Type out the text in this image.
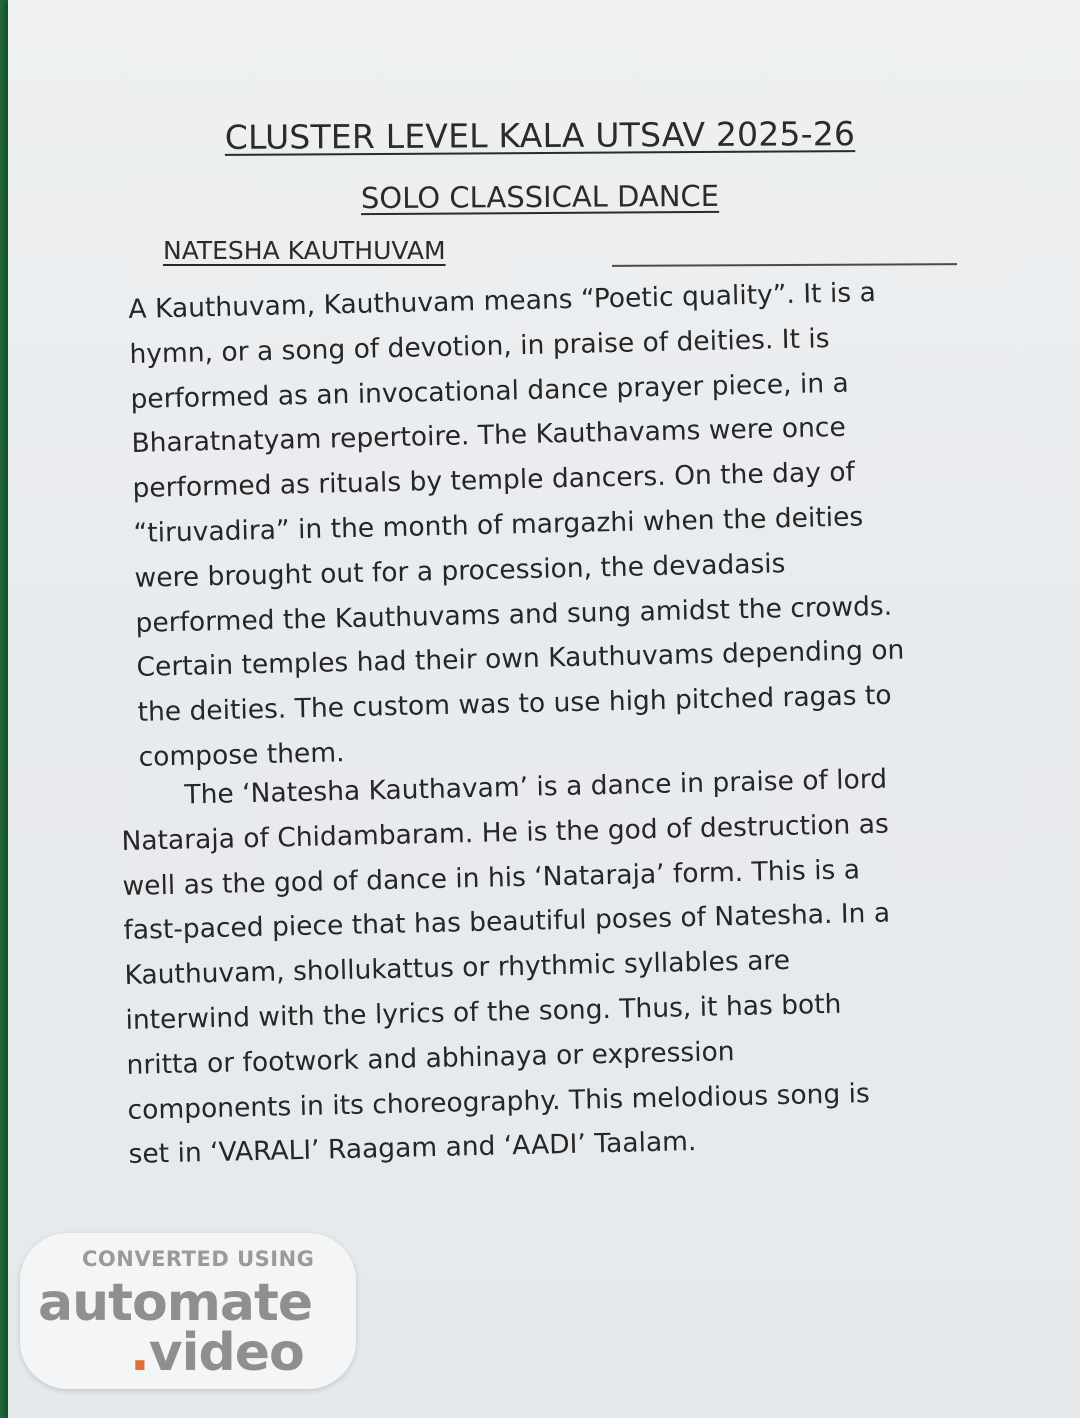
CLUSTER LEVEL KALA UTSAV 2025-26
SOLO CLASSICAL DANCE
NATESHA KAUTHUVAM
A Kauthuvam, Kauthuvam means “Poetic quality”. It is a
hymn, or a song of devotion, in praise of deities. It is
performed as an invocational dance prayer piece, in a
Bharatnatyam repertoire. The Kauthavams were once
performed as rituals by temple dancers. On the day of
“tiruvadira” in the month of margazhi when the deities
were brought out for a procession, the devadasis
performed the Kauthuvams and sung amidst the crowds.
Certain temples had their own Kauthuvams depending on
the deities. The custom was to use high pitched ragas to
compose them.
The ‘Natesha Kauthavam’ is a dance in praise of lord
Nataraja of Chidambaram. He is the god of destruction as
well as the god of dance in his ‘Nataraja’ form. This is a
fast-paced piece that has beautiful poses of Natesha. In a
Kauthuvam, shollukattus or rhythmic syllables are
interwind with the lyrics of the song. Thus, it has both
nritta or footwork and abhinaya or expression
components in its choreography. This melodious song is
set in ‘VARALI’ Raagam and ‘AADI’ Taalam.
CONVERTED USING
automate
.video
